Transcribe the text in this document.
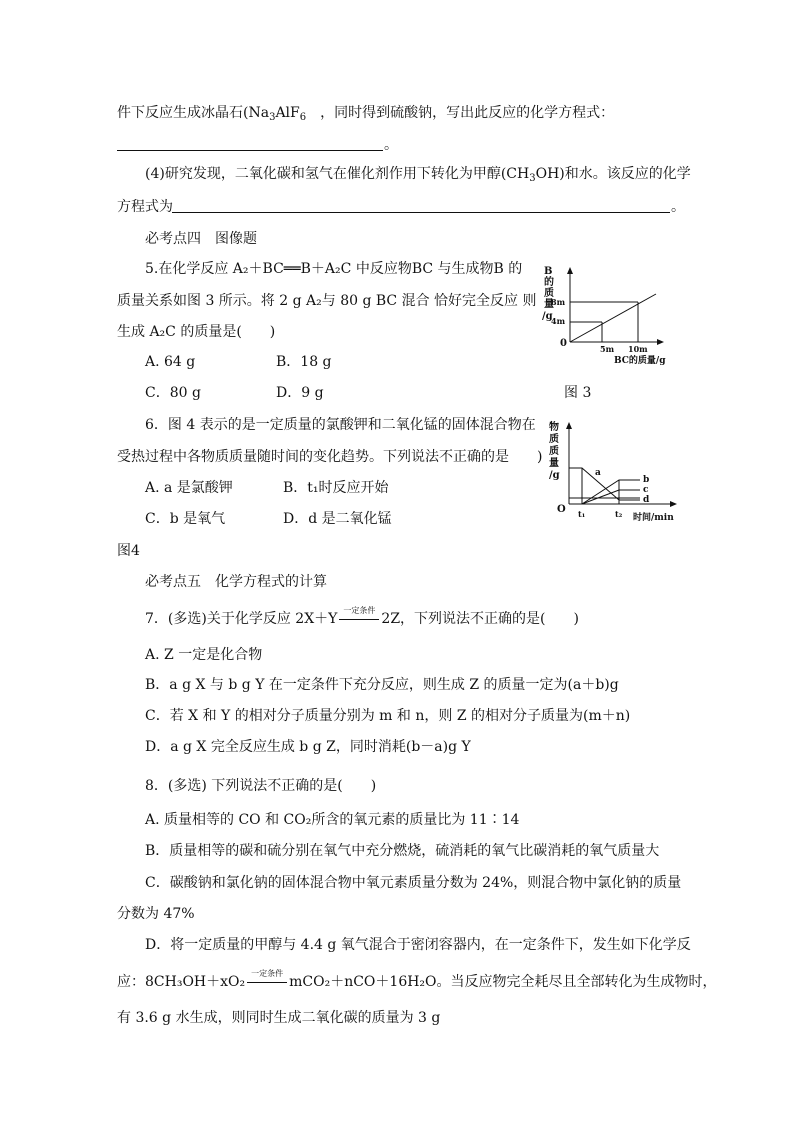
件下反应生成冰晶石($Na_3AlF_6$　，同时得到硫酸钠，写出此反应的化学方程式：
。
(4)研究发现，二氧化碳和氢气在催化剂作用下转化为甲醇$(CH_3OH)$和水。该反应的化学
方程式为	。
必考点四　图像题
5.在化学反应 A₂＋BC══B＋A₂C 中反应物BC 与生成物B 的
质量关系如图 3 所示。将 2 g A₂与 80 g BC 混合 恰好完全反应 则
生成 A₂C 的质量是(　　)
A. 64 g	B．18 g
C．80 g	D．9 g	图 3
B
的
质
量
/g
8m
4m
0	5m 10m
BC的质量/g
6．图 4 表示的是一定质量的氯酸钾和二氧化锰的固体混合物在
受热过程中各物质质量随时间的变化趋势。下列说法不正确的是　　)
A. a 是氯酸钾	B．t₁时反应开始
C．b 是氧气	D．d 是二氧化锰
图4
物
质
质
量
/g
O t₁	t₂ 时间/min
a
b
c
d
必考点五　化学方程式的计算
7．(多选)关于化学反应 2X＋Y
一定条件
2Z，下列说法不正确的是(　　)
A. Z 一定是化合物
B．a g X 与 b g Y 在一定条件下充分反应，则生成 Z 的质量一定为(a＋b)g
C．若 X 和 Y 的相对分子质量分别为 m 和 n，则 Z 的相对分子质量为(m＋n)
D．a g X 完全反应生成 b g Z，同时消耗(b－a)g Y
8．(多选) 下列说法不正确的是(　　)
A. 质量相等的 CO 和 CO₂所含的氧元素的质量比为 11∶14
B．质量相等的碳和硫分别在氧气中充分燃烧，硫消耗的氧气比碳消耗的氧气质量大
C．碳酸钠和氯化钠的固体混合物中氧元素质量分数为 24%，则混合物中氯化钠的质量
分数为 47%
D．将一定质量的甲醇与 4.4 g 氧气混合于密闭容器内，在一定条件下，发生如下化学反
应：8CH₃OH＋xO₂
一定条件
mCO₂＋nCO＋16H₂O。当反应物完全耗尽且全部转化为生成物时，
有 3.6 g 水生成，则同时生成二氧化碳的质量为 3 g
